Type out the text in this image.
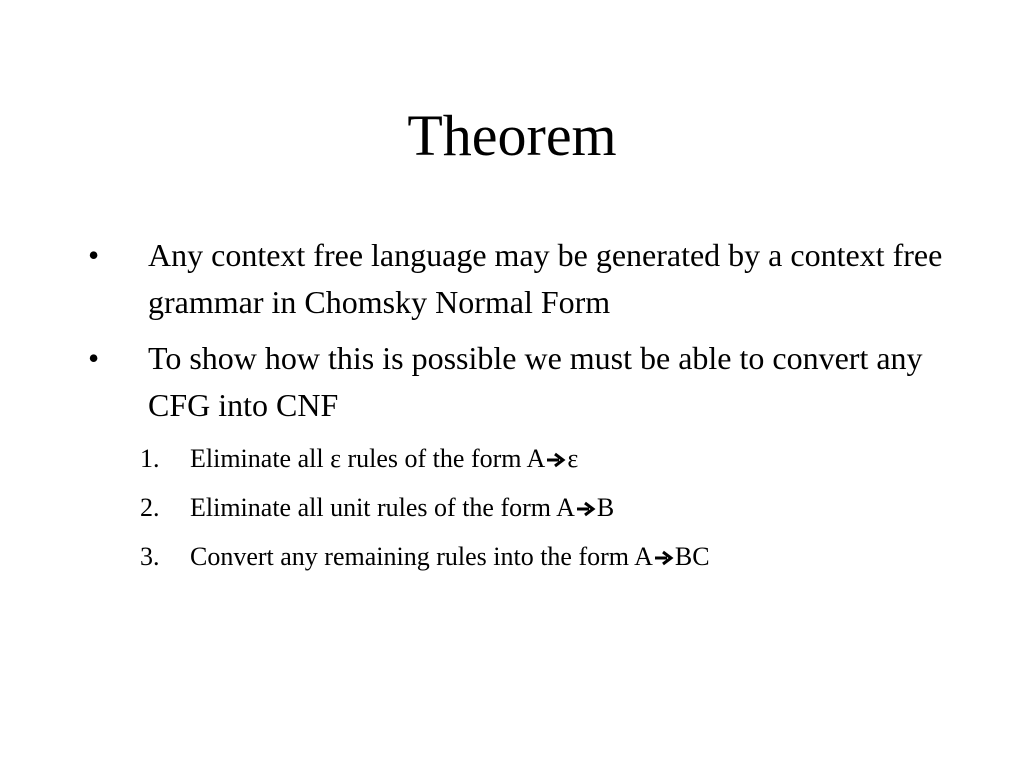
Theorem
•	Any context free language may be generated by a context free grammar in Chomsky Normal Form
•	To show how this is possible we must be able to convert any CFG into CNF
1.	Eliminate all ε rules of the form A ε
2.	Eliminate all unit rules of the form A B
3.	Convert any remaining rules into the form A BC
